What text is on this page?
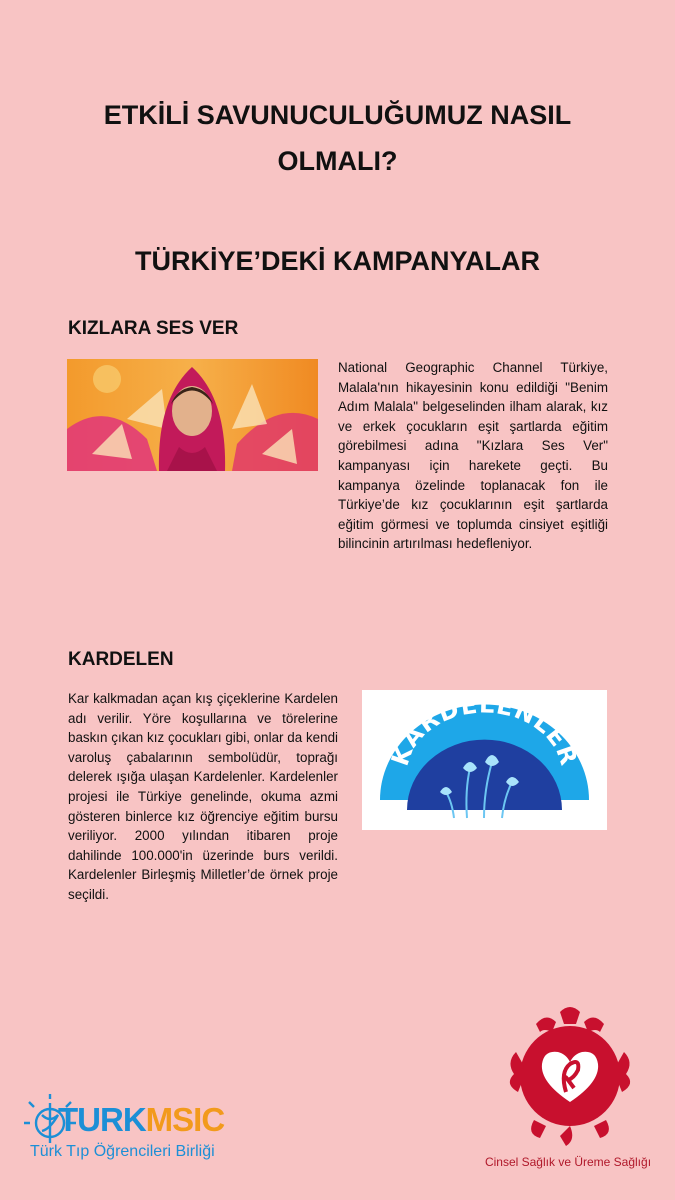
ETKİLİ SAVUNUCULUĞUMUZ NASIL
OLMALI?
TÜRKİYE’DEKİ KAMPANYALAR
KIZLARA SES VER
National Geographic Channel Türkiye, Malala'nın hikayesinin konu edildiği "Benim Adım Malala" belgeselinden ilham alarak, kız ve erkek çocukların eşit şartlarda eğitim görebilmesi adına "Kızlara Ses Ver" kampanyası için harekete geçti. Bu kampanya özelinde toplanacak fon ile Türkiye’de kız çocuklarının eşit şartlarda eğitim görmesi ve toplumda cinsiyet eşitliği bilincinin artırılması hedefleniyor.
KARDELEN
Kar kalkmadan açan kış çiçeklerine Kardelen adı verilir. Yöre koşullarına ve törelerine baskın çıkan kız çocukları gibi, onlar da kendi varoluş çabalarının sembolüdür, toprağı delerek ışığa ulaşan Kardelenler. Kardelenler projesi ile Türkiye genelinde, okuma azmi gösteren binlerce kız öğrenciye eğitim bursu veriliyor. 2000 yılından itibaren proje dahilinde 100.000'in üzerinde burs verildi. Kardelenler Birleşmiş Milletler’de örnek proje seçildi.
KARDELENLER
TURKMSIC
Türk Tıp Öğrencileri Birliği
Cinsel Sağlık ve Üreme Sağlığı
